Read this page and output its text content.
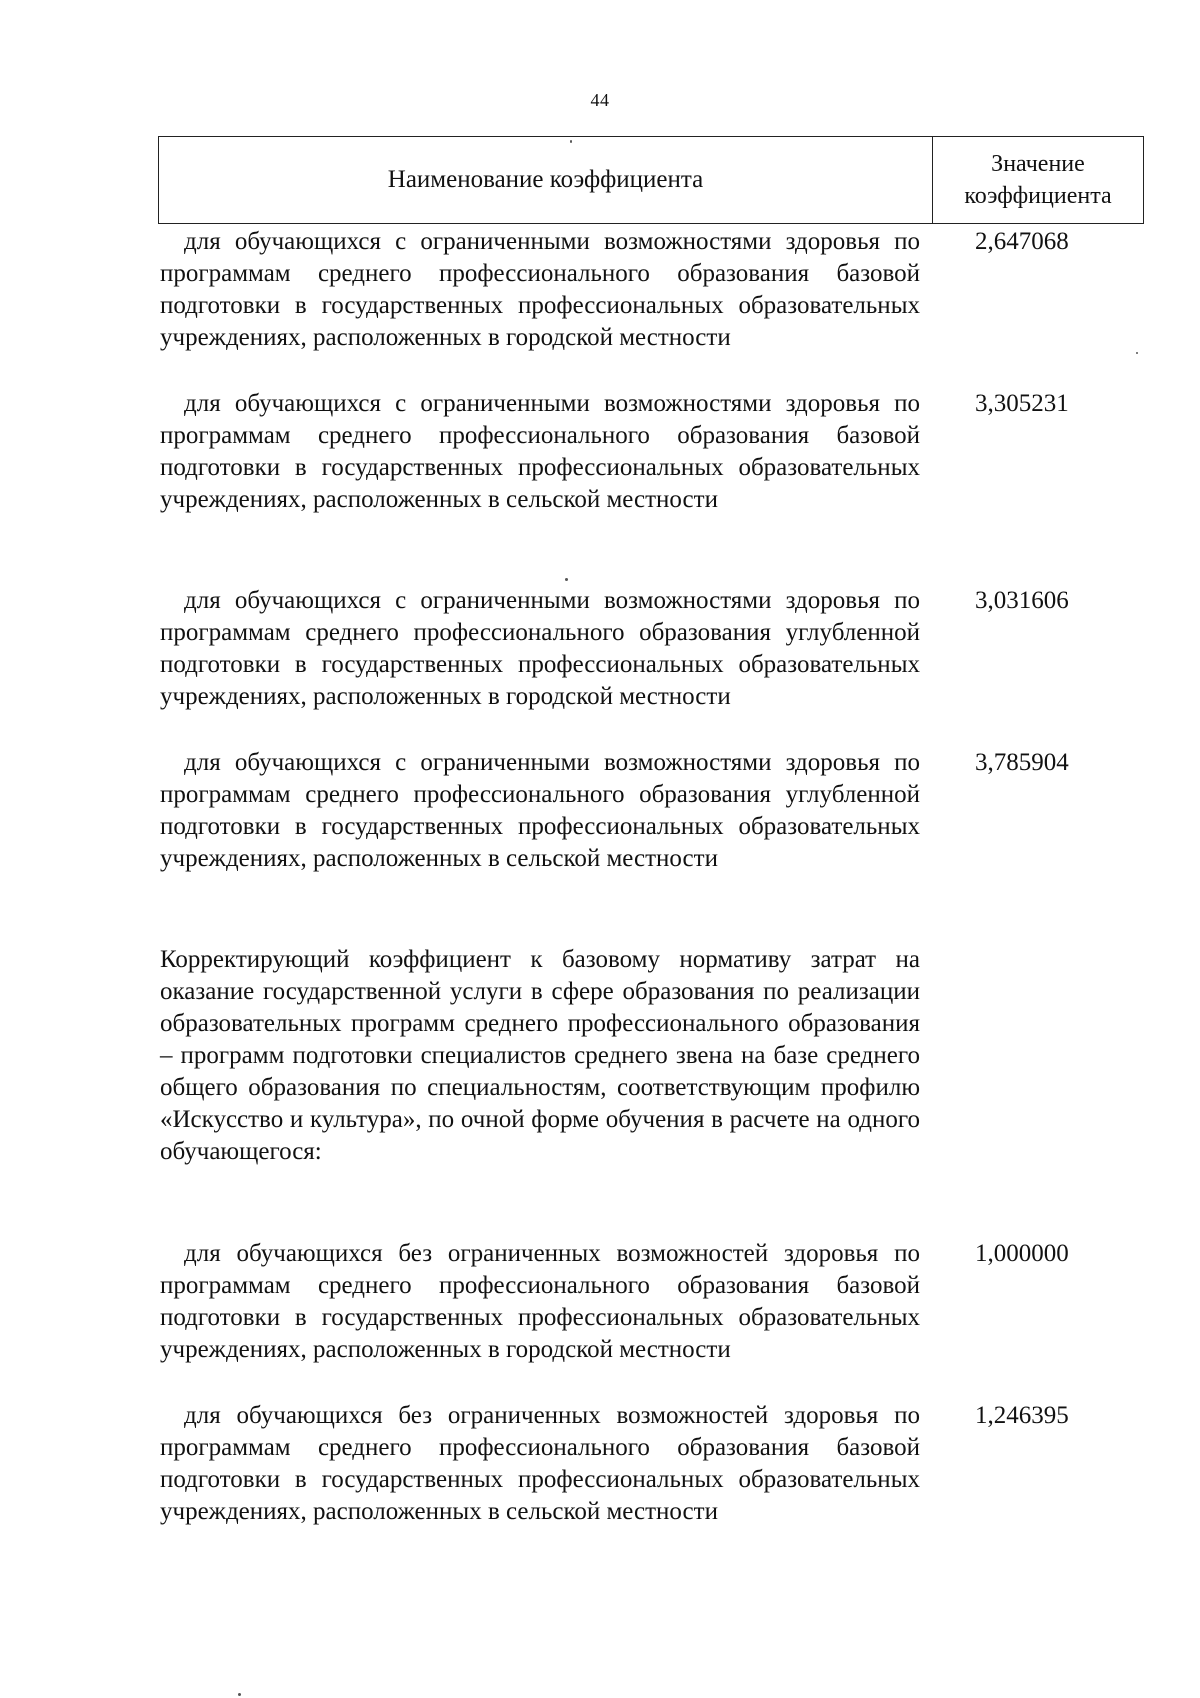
44
Наименование коэффициента
Значение
коэффициента
для обучающихся с ограниченными возможностями здоровья по программам среднего профессионального образования базовой подготовки в государственных профессиональных образовательных учреждениях, расположенных в городской местности
2,647068
для обучающихся с ограниченными возможностями здоровья по программам среднего профессионального образования базовой подготовки в государственных профессиональных образовательных учреждениях, расположенных в сельской местности
3,305231
для обучающихся с ограниченными возможностями здоровья по программам среднего профессионального образования углубленной подготовки в государственных профессиональных образовательных учреждениях, расположенных в городской местности
3,031606
для обучающихся с ограниченными возможностями здоровья по программам среднего профессионального образования углубленной подготовки в государственных профессиональных образовательных учреждениях, расположенных в сельской местности
3,785904
Корректирующий коэффициент к базовому нормативу затрат на оказание государственной услуги в сфере образования по реализации образовательных программ среднего профессионального образования – программ подготовки специалистов среднего звена на базе среднего общего образования по специальностям, соответствующим профилю «Искусство и культура», по очной форме обучения в расчете на одного обучающегося:
для обучающихся без ограниченных возможностей здоровья по программам среднего профессионального образования базовой подготовки в государственных профессиональных образовательных учреждениях, расположенных в городской местности
1,000000
для обучающихся без ограниченных возможностей здоровья по программам среднего профессионального образования базовой подготовки в государственных профессиональных образовательных учреждениях, расположенных в сельской местности
1,246395
